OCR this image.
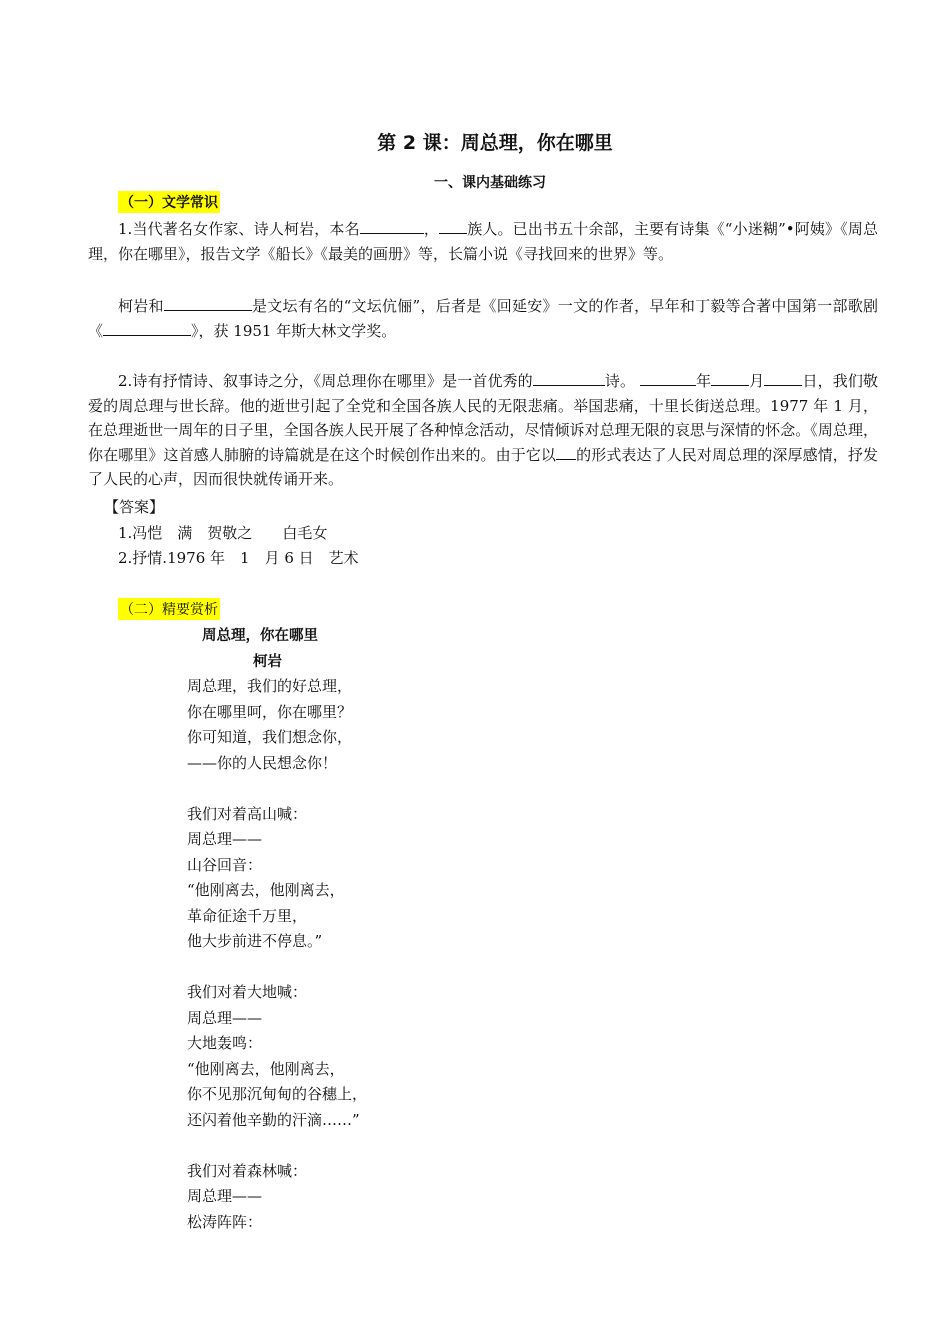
第 2 课：周总理，你在哪里
一、课内基础练习
（一）文学常识
1.当代著名女作家、诗人柯岩，本名	， 族人。已出书五十余部，主要有诗集《“小迷糊”•阿姨》《周总理，你在哪里》，报告文学《船长》《最美的画册》等，长篇小说《寻找回来的世界》等。
柯岩和	是文坛有名的“文坛伉俪”，后者是《回延安》一文的作者，早年和丁毅等合著中国第一部歌剧《	》，获 1951 年斯大林文学奖。
2.诗有抒情诗、叙事诗之分，《周总理你在哪里》是一首优秀的	诗。	年	月	日，我们敬爱的周总理与世长辞。他的逝世引起了全党和全国各族人民的无限悲痛。举国悲痛，十里长街送总理。1977 年 1 月，在总理逝世一周年的日子里，全国各族人民开展了各种悼念活动，尽情倾诉对总理无限的哀思与深情的怀念。《周总理，你在哪里》这首感人肺腑的诗篇就是在这个时候创作出来的。由于它以 的形式表达了人民对周总理的深厚感情，抒发了人民的心声，因而很快就传诵开来。
【答案】
1.冯恺　满　贺敬之　　白毛女
2.抒情.1976 年　1　月 6 日　艺术
（二）精要赏析
周总理，你在哪里
柯岩
周总理，我们的好总理，
你在哪里呵，你在哪里？
你可知道，我们想念你，
——你的人民想念你！
我们对着高山喊：
周总理——
山谷回音：
“他刚离去，他刚离去，
革命征途千万里，
他大步前进不停息。”
我们对着大地喊：
周总理——
大地轰鸣：
“他刚离去，他刚离去，
你不见那沉甸甸的谷穗上，
还闪着他辛勤的汗滴……”
我们对着森林喊：
周总理——
松涛阵阵：
